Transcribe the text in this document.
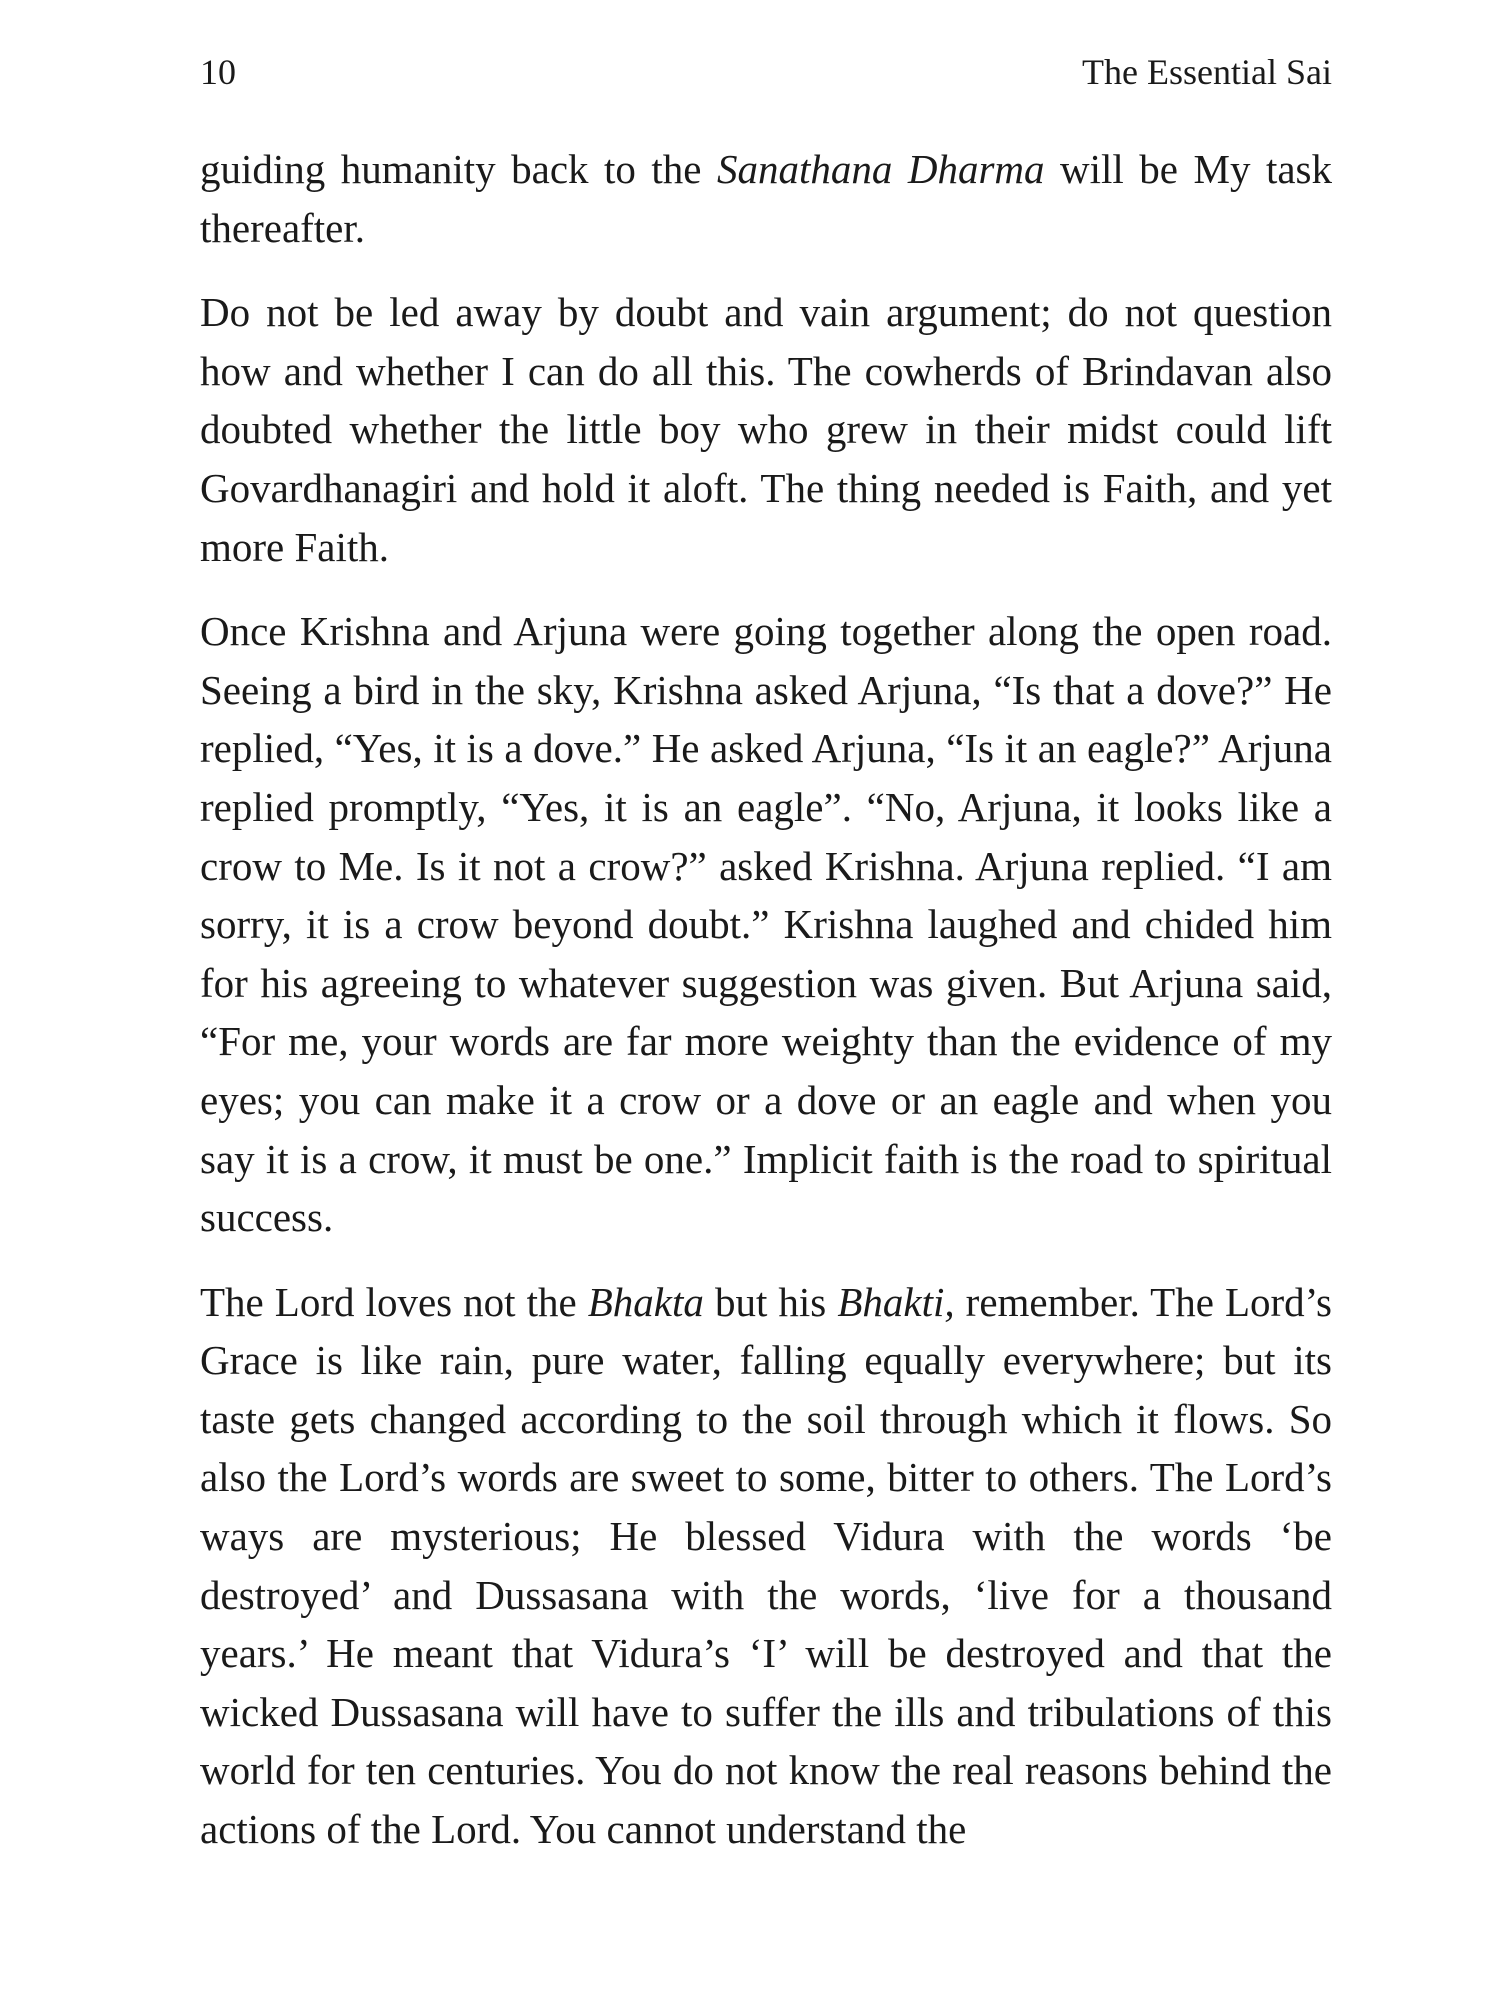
10	The Essential Sai

guiding humanity back to the Sanathana Dharma will be My task thereafter.

Do not be led away by doubt and vain argument; do not question how and whether I can do all this. The cowherds of Brindavan also doubted whether the little boy who grew in their midst could lift Govardhanagiri and hold it aloft. The thing needed is Faith, and yet more Faith.

Once Krishna and Arjuna were going together along the open road. Seeing a bird in the sky, Krishna asked Arjuna, “Is that a dove?” He replied, “Yes, it is a dove.” He asked Arjuna, “Is it an eagle?” Arjuna replied promptly, “Yes, it is an eagle”. “No, Arjuna, it looks like a crow to Me. Is it not a crow?” asked Krishna. Arjuna replied. “I am sorry, it is a crow beyond doubt.” Krishna laughed and chided him for his agreeing to whatever suggestion was given. But Arjuna said, “For me, your words are far more weighty than the evidence of my eyes; you can make it a crow or a dove or an eagle and when you say it is a crow, it must be one.” Implicit faith is the road to spiritual success.

The Lord loves not the Bhakta but his Bhakti, remember. The Lord’s Grace is like rain, pure water, falling equally everywhere; but its taste gets changed according to the soil through which it flows. So also the Lord’s words are sweet to some, bitter to others. The Lord’s ways are mysterious; He blessed Vidura with the words ‘be destroyed’ and Dussasana with the words, ‘live for a thousand years.’ He meant that Vidura’s ‘I’ will be destroyed and that the wicked Dussasana will have to suffer the ills and tribulations of this world for ten centuries. You do not know the real reasons behind the actions of the Lord. You cannot understand the
